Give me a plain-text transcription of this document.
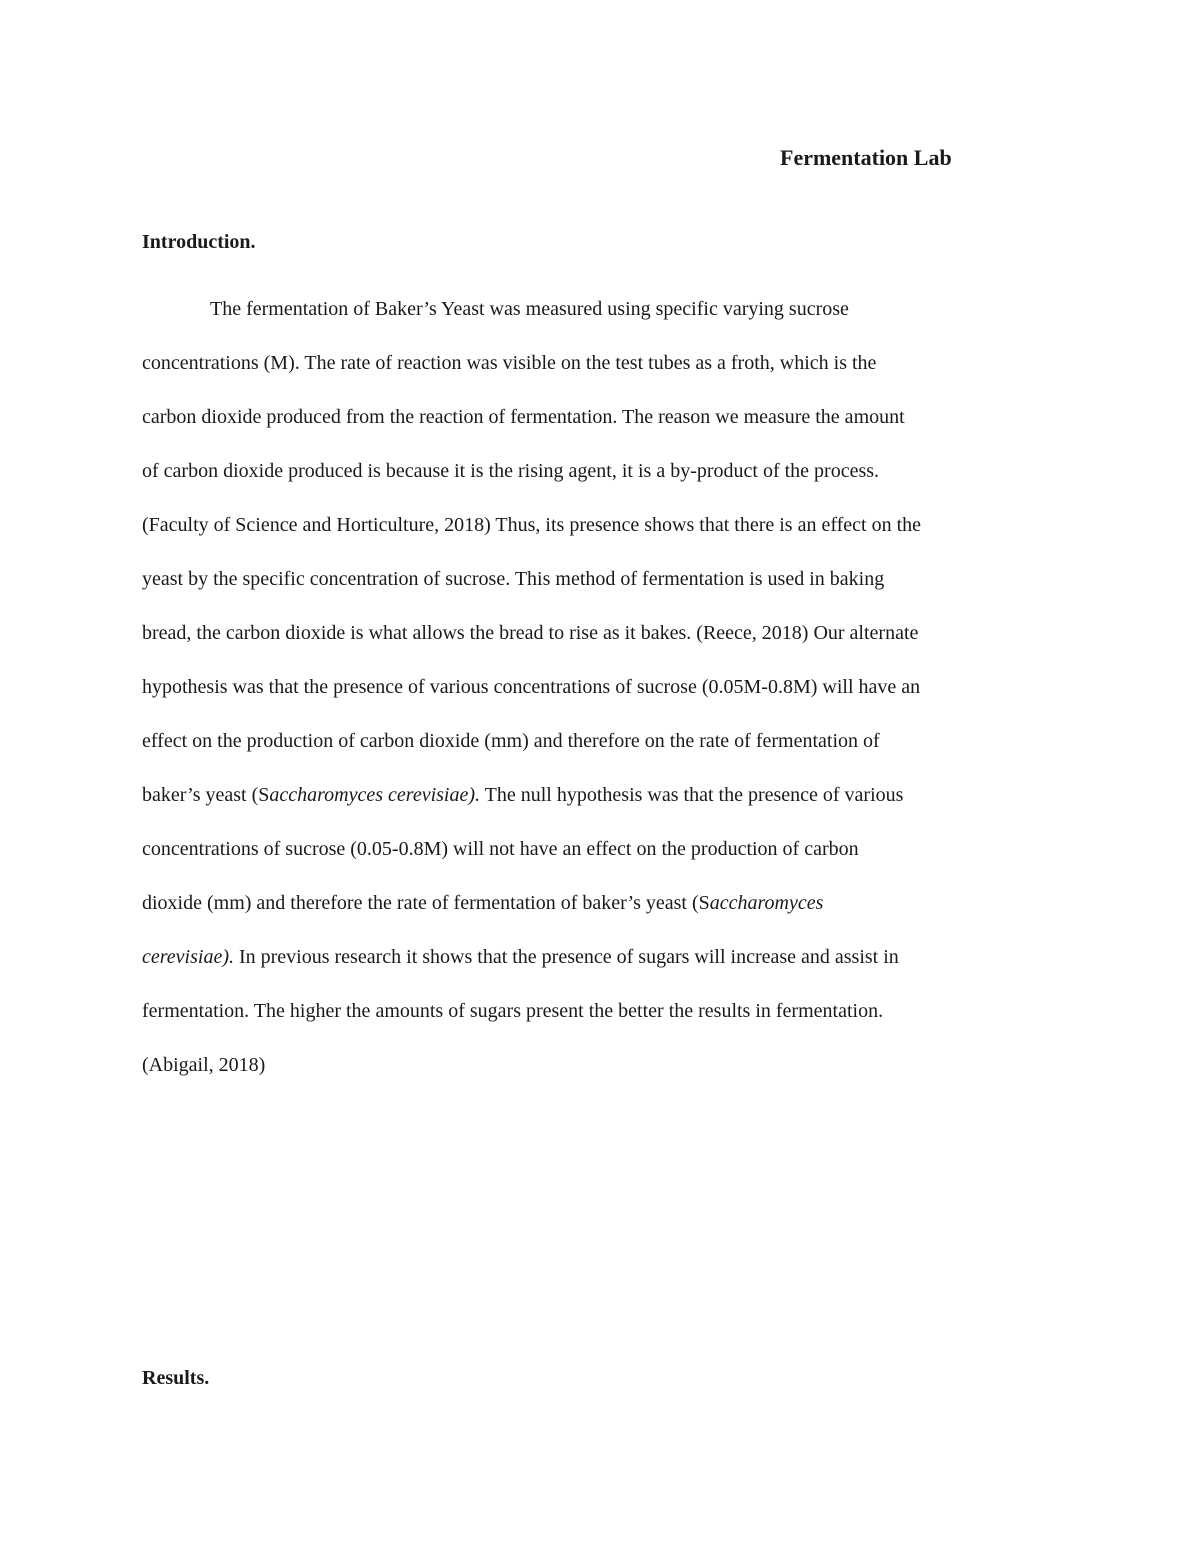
Fermentation Lab
Introduction.
The fermentation of Baker’s Yeast was measured using specific varying sucrose
concentrations (M). The rate of reaction was visible on the test tubes as a froth, which is the
carbon dioxide produced from the reaction of fermentation. The reason we measure the amount
of carbon dioxide produced is because it is the rising agent, it is a by-product of the process.
(Faculty of Science and Horticulture, 2018) Thus, its presence shows that there is an effect on the
yeast by the specific concentration of sucrose. This method of fermentation is used in baking
bread, the carbon dioxide is what allows the bread to rise as it bakes. (Reece, 2018) Our alternate
hypothesis was that the presence of various concentrations of sucrose (0.05M-0.8M) will have an
effect on the production of carbon dioxide (mm) and therefore on the rate of fermentation of
baker’s yeast (Saccharomyces cerevisiae). The null hypothesis was that the presence of various
concentrations of sucrose (0.05-0.8M) will not have an effect on the production of carbon
dioxide (mm) and therefore the rate of fermentation of baker’s yeast (Saccharomyces
cerevisiae). In previous research it shows that the presence of sugars will increase and assist in
fermentation. The higher the amounts of sugars present the better the results in fermentation.
(Abigail, 2018)
Results.
